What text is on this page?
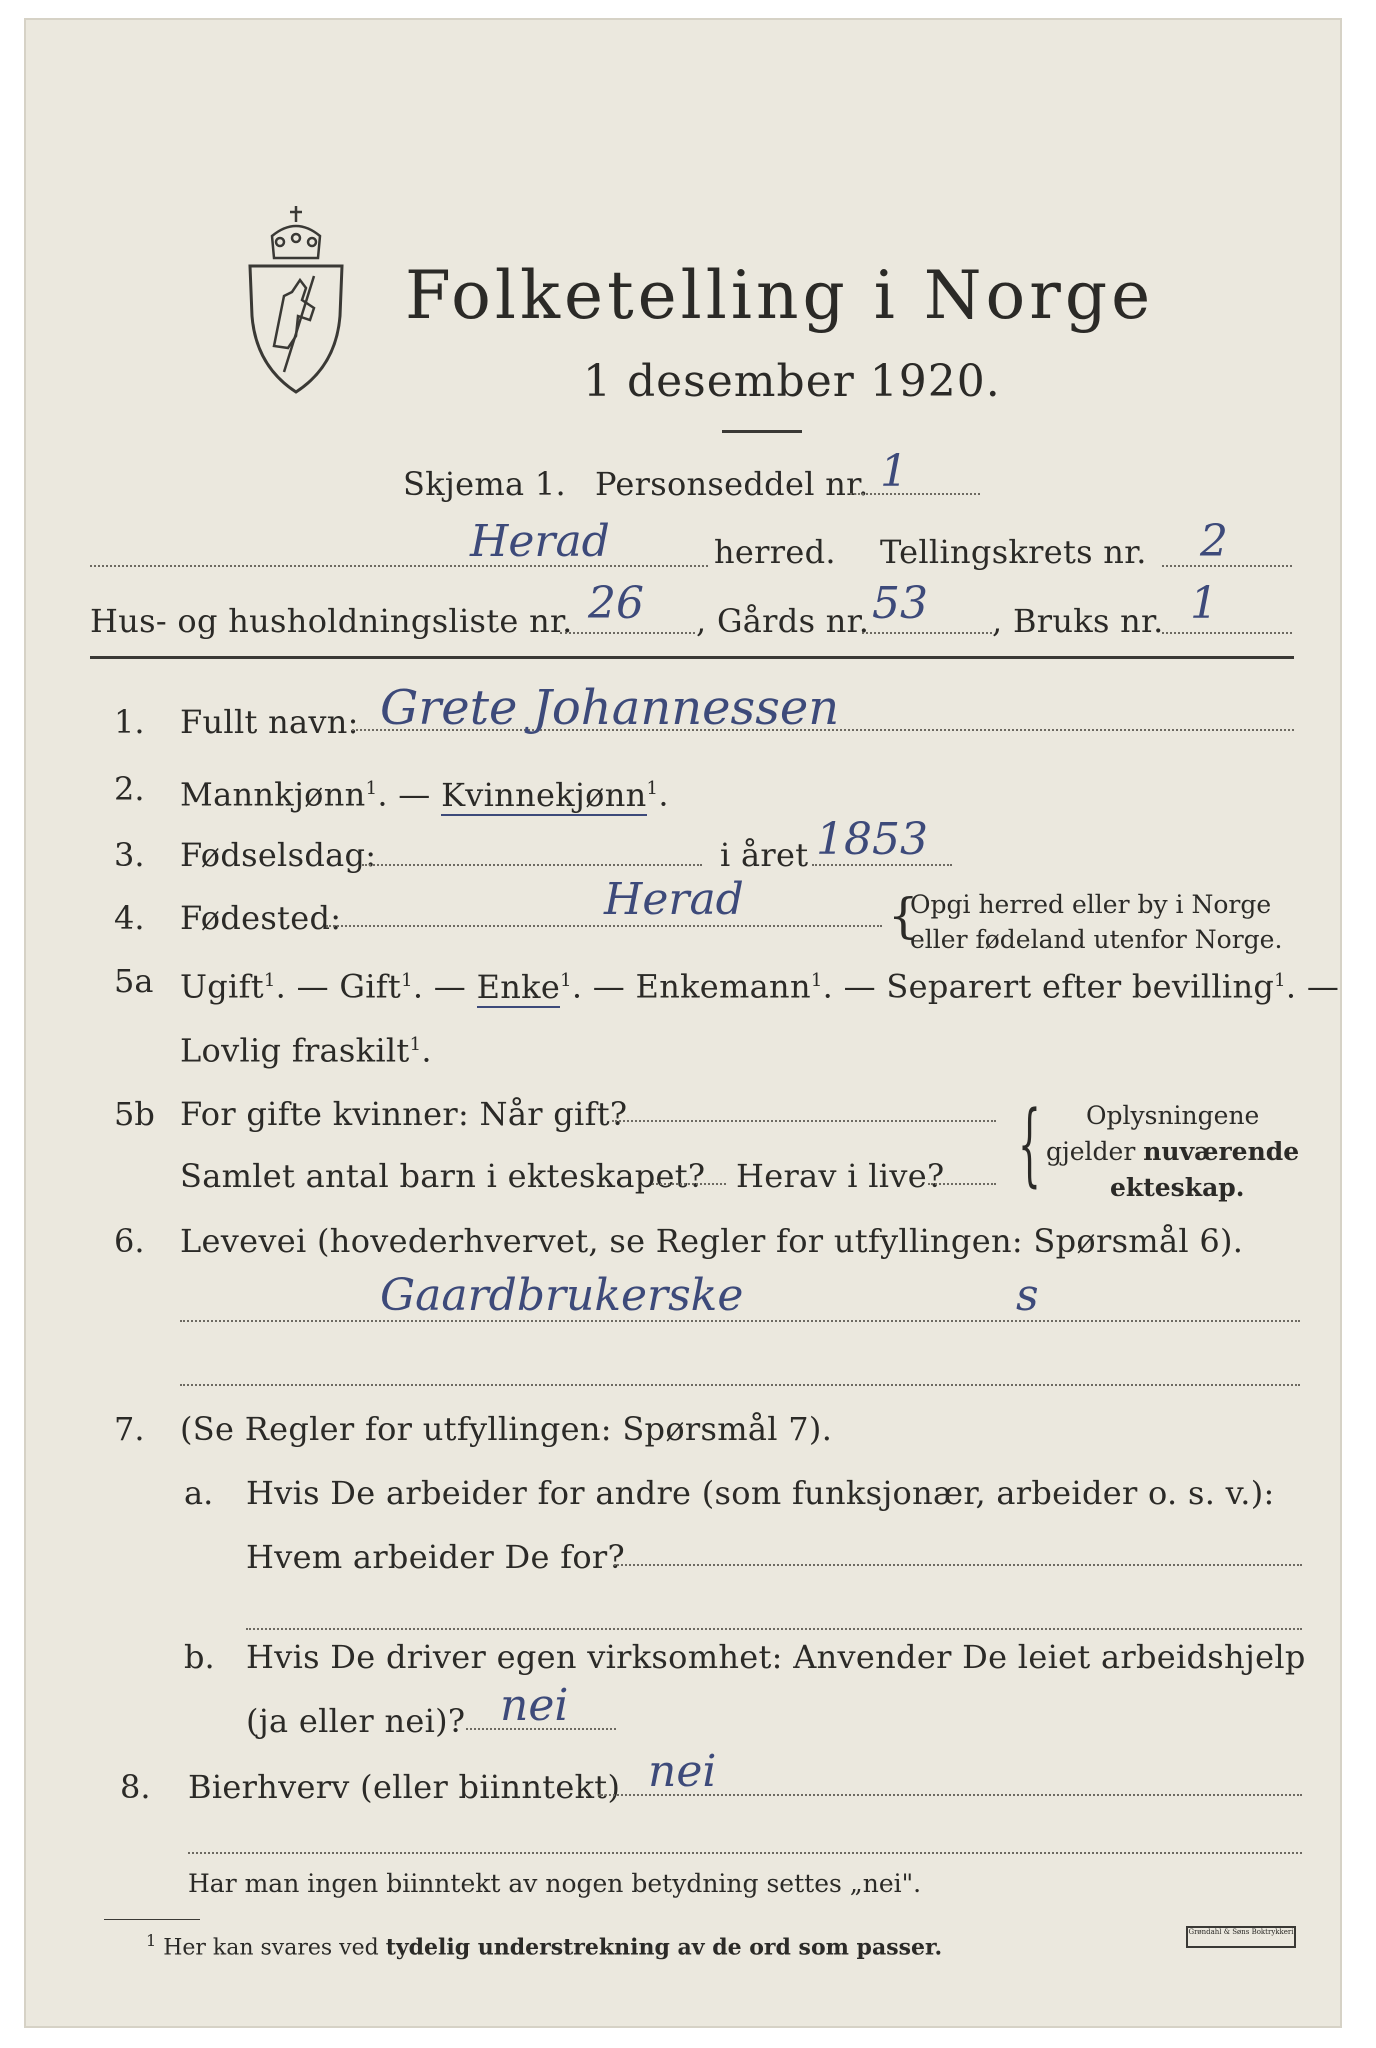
Folketelling i Norge
1 desember 1920.
Skjema 1. Personseddel nr. 1
Herad	herred. Tellingskrets nr. 2
Hus- og husholdningsliste nr. 26 , Gårds nr. 53 , Bruks nr. 1
1. Fullt navn: Grete Johannessen
2. Mannkjønn$^1$. — Kvinnekjønn$^1$.
3. Fødselsdag:	i året 1853
4. Fødested:	Herad	{
Opgi herred eller by i Norge
eller fødeland utenfor Norge.
5a Ugift$^1$. — Gift$^1$. — Enke$^1$. — Enkemann$^1$. — Separert efter bevilling$^1$. —
Lovlig fraskilt$^1$.
5b For gifte kvinner: Når gift?
Samlet antal barn i ekteskapet? Herav i live? { Oplysningene
gjelder nuværende
ekteskap.
6. Levevei (hovederhvervet, se Regler for utfyllingen: Spørsmål 6).
Gaardbrukerske	s
7. (Se Regler for utfyllingen: Spørsmål 7).
a. Hvis De arbeider for andre (som funksjonær, arbeider o. s. v.):
Hvem arbeider De for?
b. Hvis De driver egen virksomhet: Anvender De leiet arbeidshjelp
(ja eller nei)? nei
8. Bierhverv (eller biinntekt) nei
Har man ingen biinntekt av nogen betydning settes „nei".
$^1$ Her kan svares ved tydelig understrekning av de ord som passer.
Grøndahl & Søns Boktrykkeri
